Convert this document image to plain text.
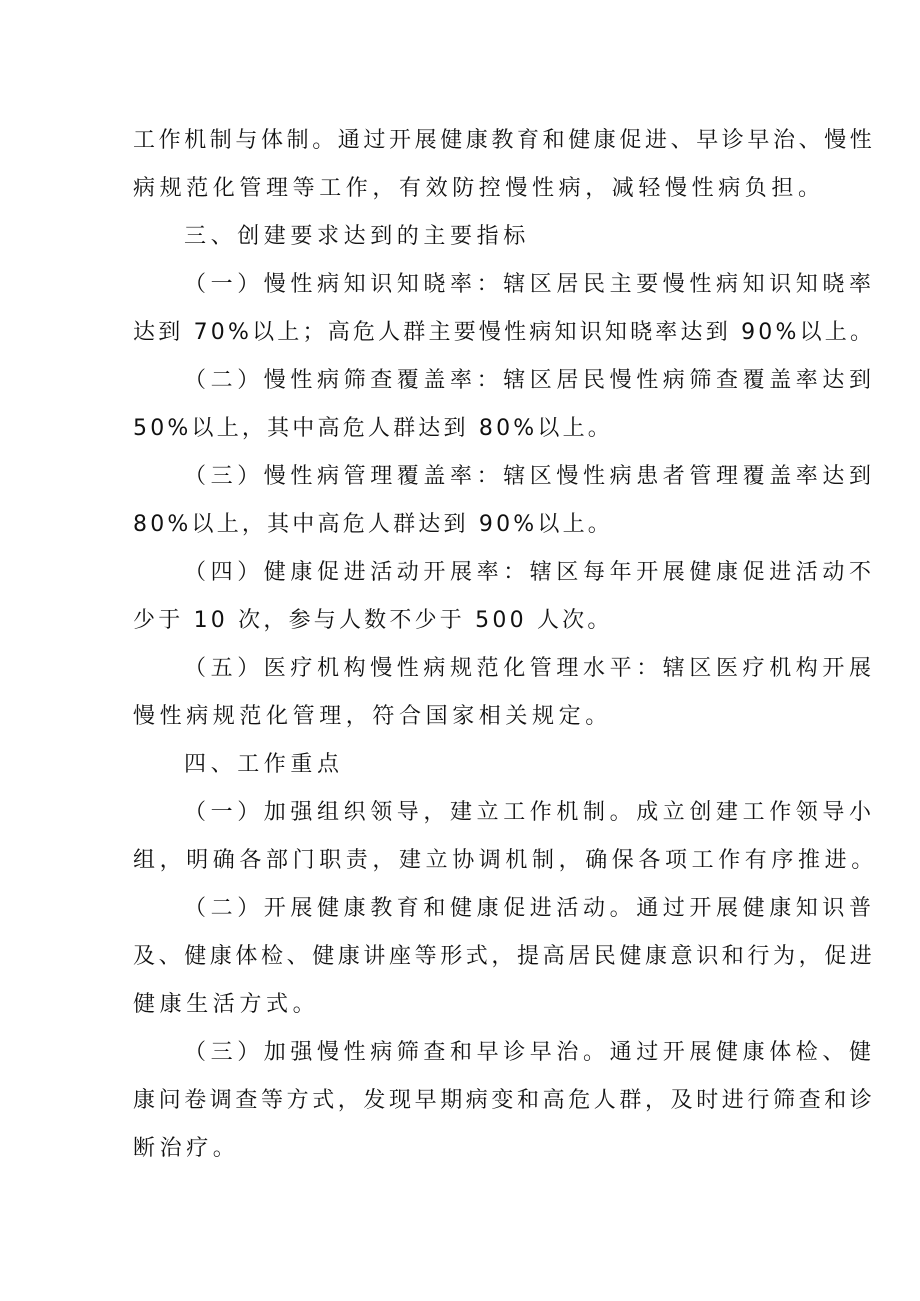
工作机制与体制。通过开展健康教育和健康促进、早诊早治、慢性
病规范化管理等工作，有效防控慢性病，减轻慢性病负担。
三、创建要求达到的主要指标
（一）慢性病知识知晓率：辖区居民主要慢性病知识知晓率
达到 70%以上；高危人群主要慢性病知识知晓率达到 90%以上。
（二）慢性病筛查覆盖率：辖区居民慢性病筛查覆盖率达到
50%以上，其中高危人群达到 80%以上。
（三）慢性病管理覆盖率：辖区慢性病患者管理覆盖率达到
80%以上，其中高危人群达到 90%以上。
（四）健康促进活动开展率：辖区每年开展健康促进活动不
少于 10 次，参与人数不少于 500 人次。
（五）医疗机构慢性病规范化管理水平：辖区医疗机构开展
慢性病规范化管理，符合国家相关规定。
四、工作重点
（一）加强组织领导，建立工作机制。成立创建工作领导小
组，明确各部门职责，建立协调机制，确保各项工作有序推进。
（二）开展健康教育和健康促进活动。通过开展健康知识普
及、健康体检、健康讲座等形式，提高居民健康意识和行为，促进
健康生活方式。
（三）加强慢性病筛查和早诊早治。通过开展健康体检、健
康问卷调查等方式，发现早期病变和高危人群，及时进行筛查和诊
断治疗。
